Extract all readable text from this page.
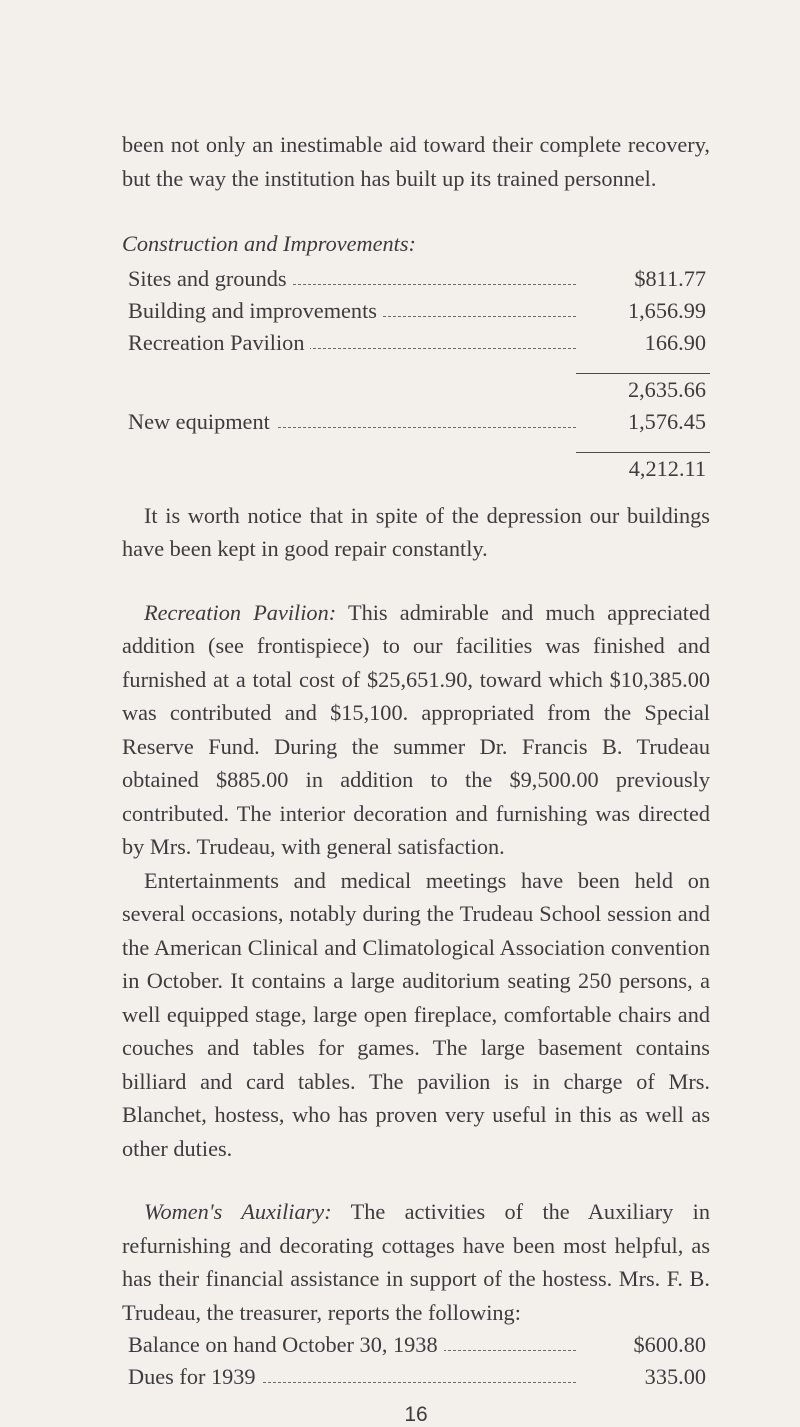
been not only an inestimable aid toward their complete recovery, but the way the institution has built up its trained personnel.

Construction and Improvements:
Sites and grounds	$811.77

Building and improvements	1,656.99

Recreation Pavilion	166.90

	2,635.66

New equipment	1,576.45

	4,212.11

It is worth notice that in spite of the depression our buildings have been kept in good repair constantly.

Recreation Pavilion: This admirable and much appreciated addition (see frontispiece) to our facilities was finished and furnished at a total cost of $25,651.90, toward which $10,385.00 was contributed and $15,100. appropriated from the Special Reserve Fund. During the summer Dr. Francis B. Trudeau obtained $885.00 in addition to the $9,500.00 previously contributed. The interior decoration and furnishing was directed by Mrs. Trudeau, with general satisfaction.

Entertainments and medical meetings have been held on several occasions, notably during the Trudeau School session and the American Clinical and Climatological Association convention in October. It contains a large auditorium seating 250 persons, a well equipped stage, large open fireplace, comfortable chairs and couches and tables for games. The large basement contains billiard and card tables. The pavilion is in charge of Mrs. Blanchet, hostess, who has proven very useful in this as well as other duties.

Women's Auxiliary: The activities of the Auxiliary in refurnishing and decorating cottages have been most helpful, as has their financial assistance in support of the hostess. Mrs. F. B. Trudeau, the treasurer, reports the following:

Balance on hand October 30, 1938	$600.80

Dues for 1939	335.00
16
